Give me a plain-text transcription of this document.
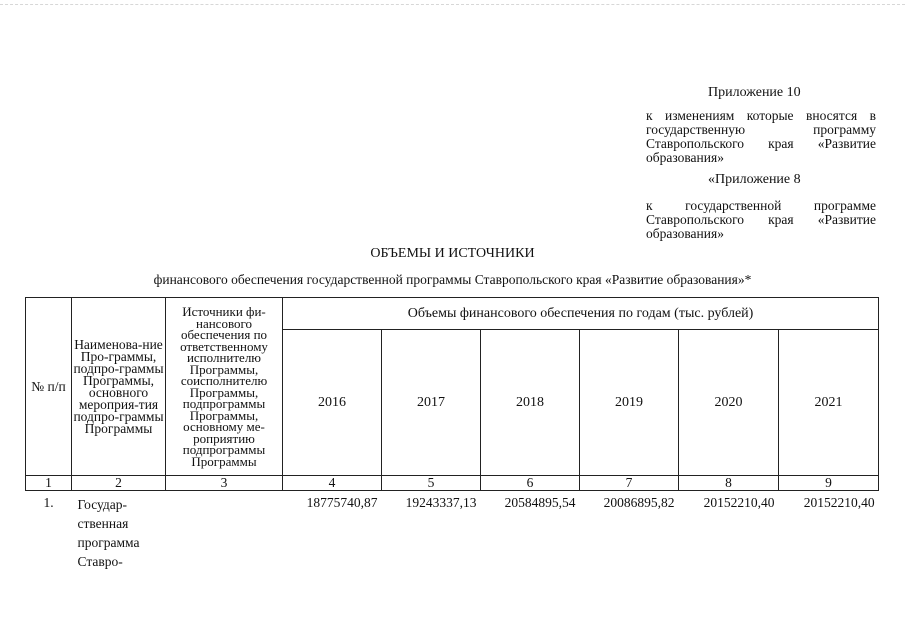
Приложение 10
к изменениям которые вносятся в государственную программу Ставропольского края «Развитие образования»
«Приложение 8
к государственной программе Ставропольского края «Развитие образования»
ОБЪЕМЫ И ИСТОЧНИКИ
финансового обеспечения государственной программы Ставропольского края «Развитие образования»*
№ п/п	Наименова-ние Про-граммы, подпро-граммы Программы, основного мероприя-тия подпро-граммы Программы	Источники фи-нансового обеспечения по ответственному исполнителю Программы, соисполнителю Программы, подпрограммы Программы, основному ме-роприятию подпрограммы Программы	Объемы финансового обеспечения по годам (тыс. рублей)					
			2016	2017	2018	2019	2020	2021
1	2	3	4	5	6	7	8	9
1.	Государ-ственная программа Ставро-		18775740,87	19243337,13	20584895,54	20086895,82	20152210,40	20152210,40
